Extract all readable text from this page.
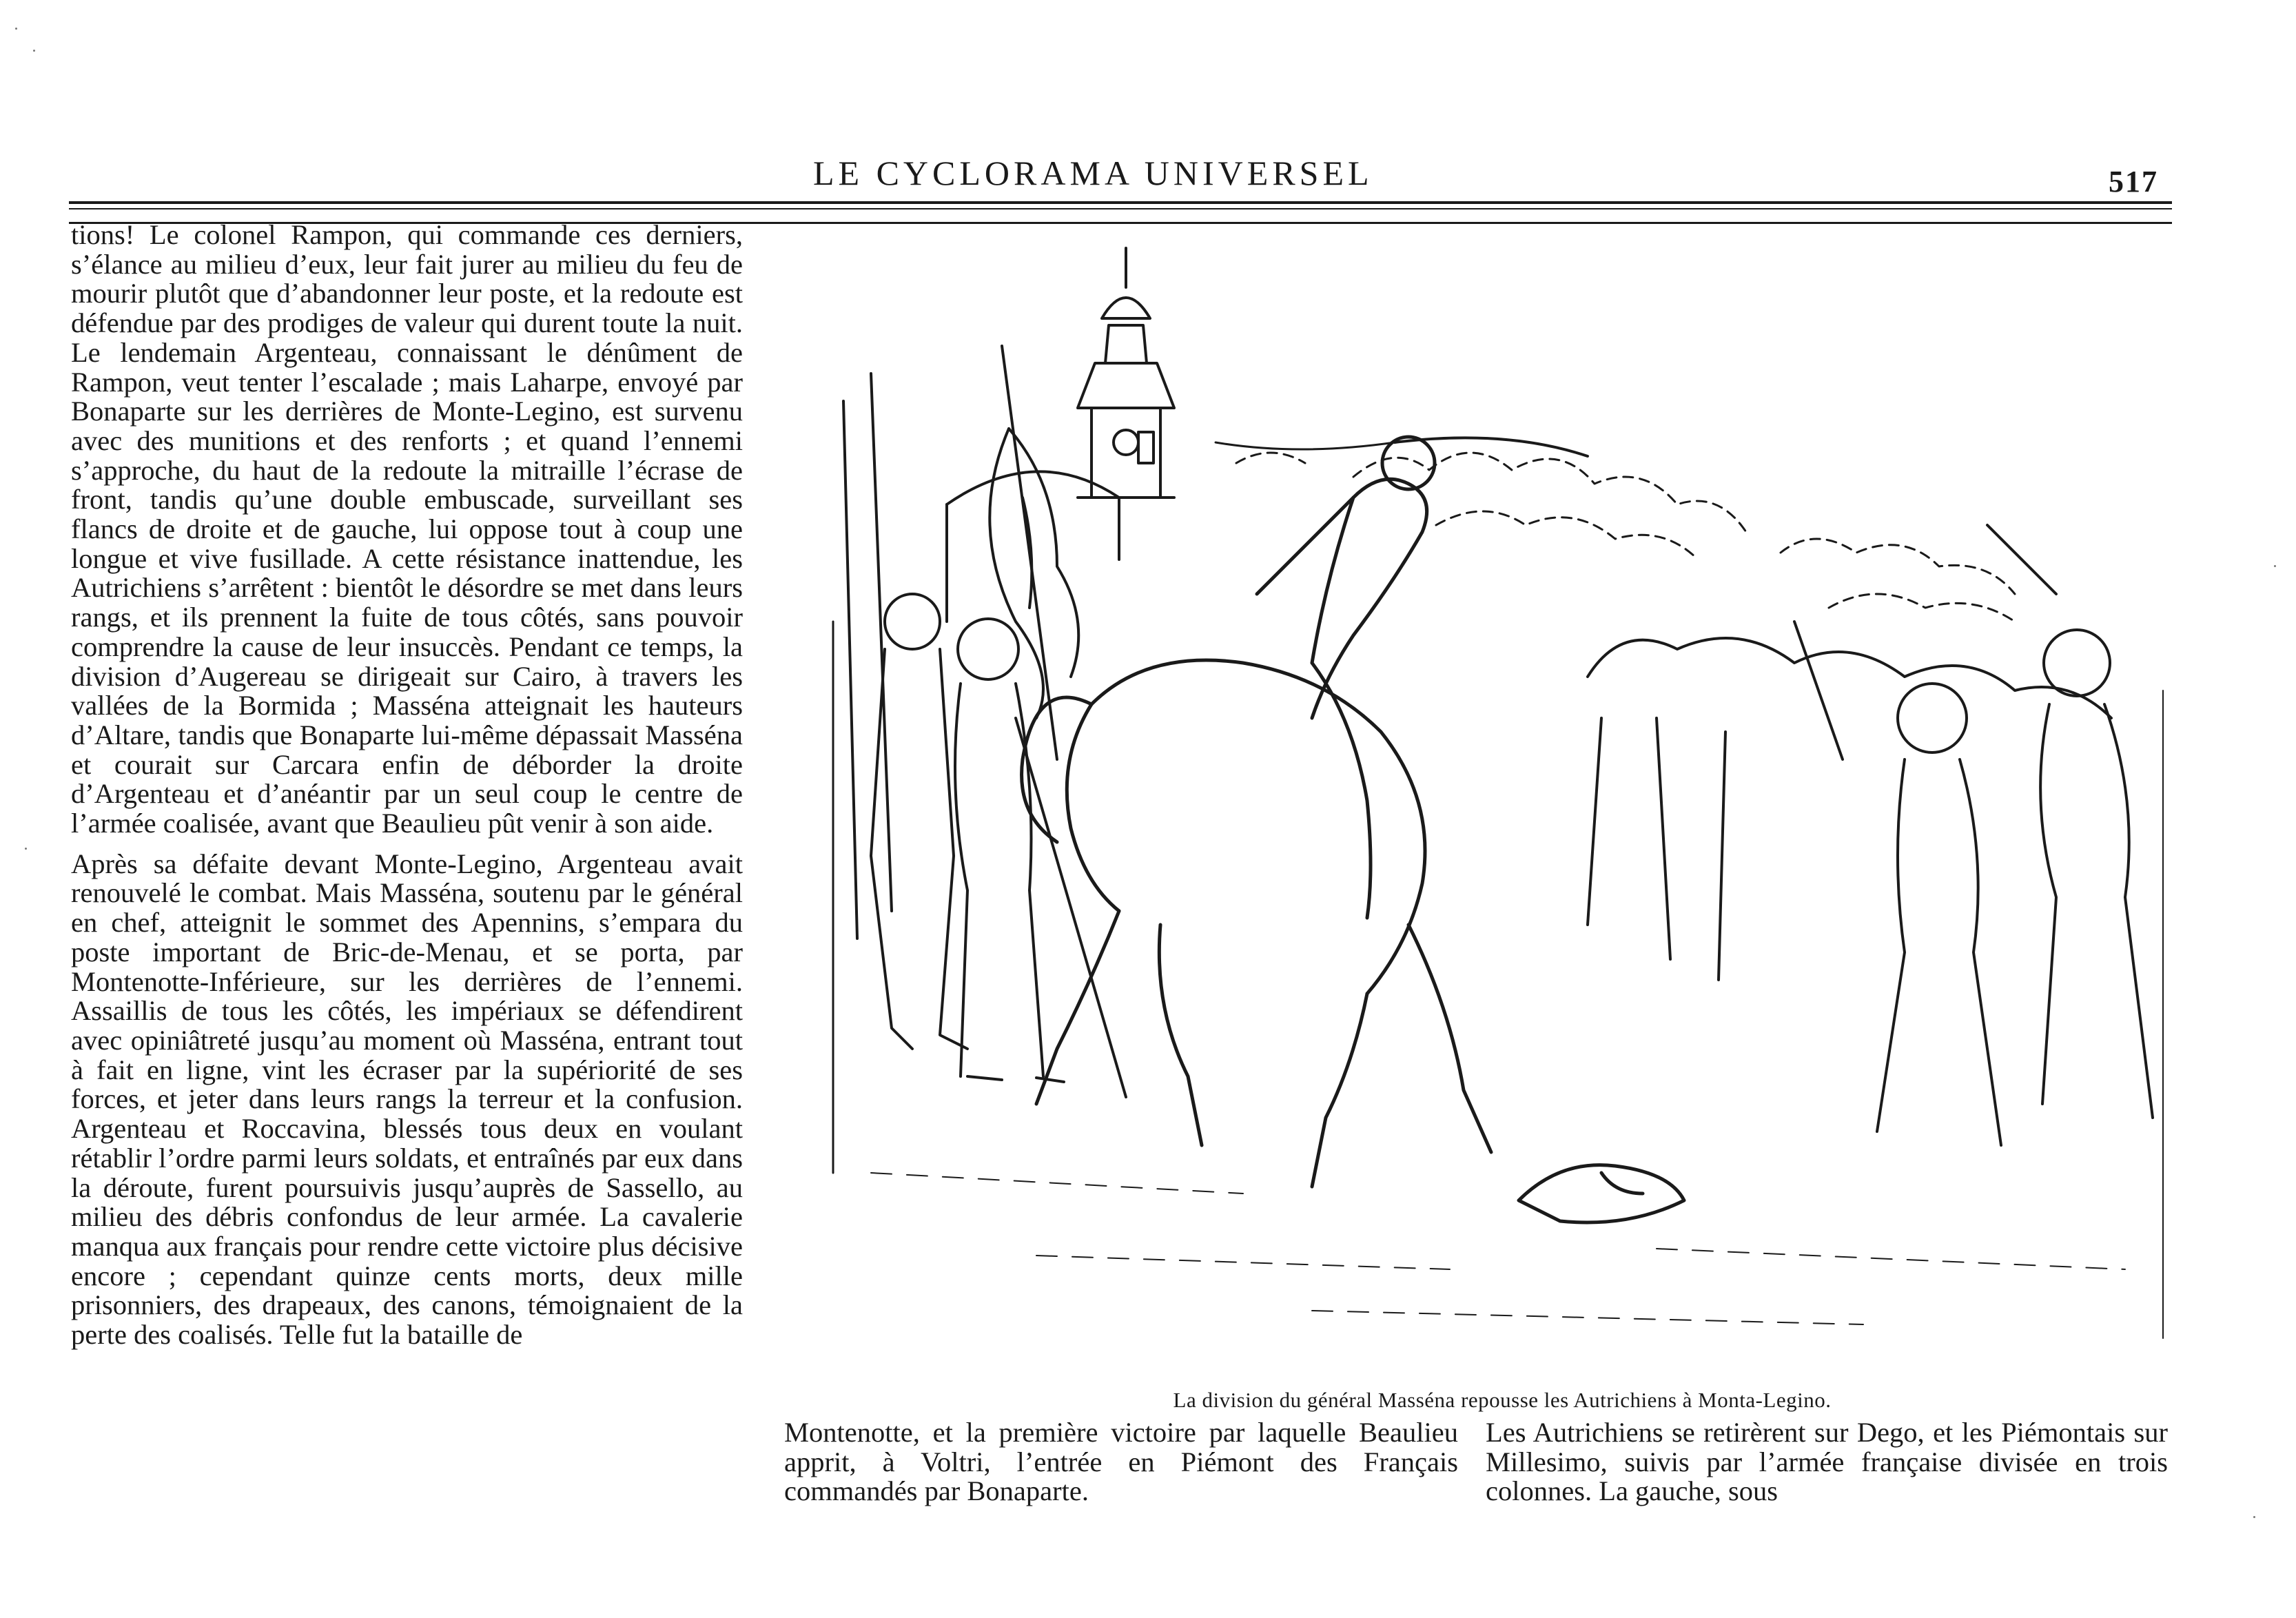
LE CYCLORAMA UNIVERSEL	517

tions! Le colonel Rampon, qui commande ces derniers, s’élance au milieu d’eux, leur fait jurer au milieu du feu de mourir plutôt que d’abandonner leur poste, et la redoute est défendue par des prodiges de valeur qui durent toute la nuit. Le lendemain Argenteau, connaissant le dénûment de Rampon, veut tenter l’escalade ; mais Laharpe, envoyé par Bonaparte sur les derrières de Monte-Legino, est survenu avec des munitions et des renforts ; et quand l’ennemi s’approche, du haut de la redoute la mitraille l’écrase de front, tandis qu’une double embuscade, surveillant ses flancs de droite et de gauche, lui oppose tout à coup une longue et vive fusillade. A cette résistance inattendue, les Autrichiens s’arrêtent : bientôt le désordre se met dans leurs rangs, et ils prennent la fuite de tous côtés, sans pouvoir comprendre la cause de leur insuccès. Pendant ce temps, la division d’Augereau se dirigeait sur Cairo, à travers les vallées de la Bormida ; Masséna atteignait les hauteurs d’Altare, tandis que Bonaparte lui-même dépassait Masséna et courait sur Carcara enfin de déborder la droite d’Argenteau et d’anéantir par un seul coup le centre de l’armée coalisée, avant que Beaulieu pût venir à son aide.

Après sa défaite devant Monte-Legino, Argenteau avait renouvelé le combat. Mais Masséna, soutenu par le général en chef, atteignit le sommet des Apennins, s’empara du poste important de Bric-de-Menau, et se porta, par Montenotte-Inférieure, sur les derrières de l’ennemi. Assaillis de tous les côtés, les impériaux se défendirent avec opiniâtreté jusqu’au moment où Masséna, entrant tout à fait en ligne, vint les écraser par la supériorité de ses forces, et jeter dans leurs rangs la terreur et la confusion. Argenteau et Roccavina, blessés tous deux en voulant rétablir l’ordre parmi leurs soldats, et entraînés par eux dans la déroute, furent poursuivis jusqu’auprès de Sassello, au milieu des débris confondus de leur armée. La cavalerie manqua aux français pour rendre cette victoire plus décisive encore ; cependant quinze cents morts, deux mille prisonniers, des drapeaux, des canons, témoignaient de la perte des coalisés. Telle fut la bataille de

La division du général Masséna repousse les Autrichiens à Monta-Legino.

Montenotte, et la première victoire par laquelle Beaulieu apprit, à Voltri, l’entrée en Piémont des Français commandés par Bonaparte.

Les Autrichiens se retirèrent sur Dego, et les Piémontais sur Millesimo, suivis par l’armée française divisée en trois colonnes. La gauche, sous
